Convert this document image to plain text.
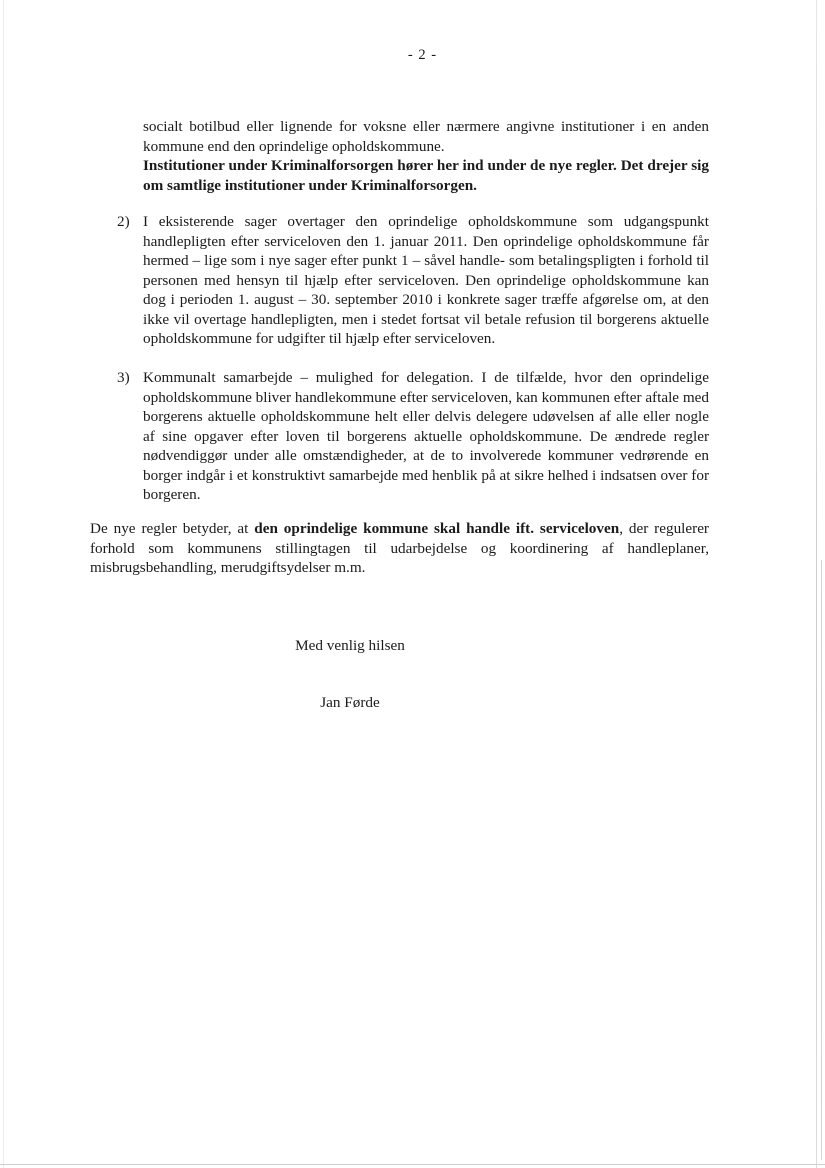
- 2 -

socialt botilbud eller lignende for voksne eller nærmere angivne institutioner i en anden kommune end den oprindelige opholdskommune.
Institutioner under Kriminalforsorgen hører her ind under de nye regler. Det drejer sig om samtlige institutioner under Kriminalforsorgen.

2) I eksisterende sager overtager den oprindelige opholdskommune som udgangspunkt handlepligten efter serviceloven den 1. januar 2011. Den oprindelige opholdskommune får hermed – lige som i nye sager efter punkt 1 – såvel handle- som betalingspligten i forhold til personen med hensyn til hjælp efter serviceloven. Den oprindelige opholdskommune kan dog i perioden 1. august – 30. september 2010 i konkrete sager træffe afgørelse om, at den ikke vil overtage handlepligten, men i stedet fortsat vil betale refusion til borgerens aktuelle opholdskommune for udgifter til hjælp efter serviceloven.

3) Kommunalt samarbejde – mulighed for delegation. I de tilfælde, hvor den oprindelige opholdskommune bliver handlekommune efter serviceloven, kan kommunen efter aftale med borgerens aktuelle opholdskommune helt eller delvis delegere udøvelsen af alle eller nogle af sine opgaver efter loven til borgerens aktuelle opholdskommune. De ændrede regler nødvendiggør under alle omstændigheder, at de to involverede kommuner vedrørende en borger indgår i et konstruktivt samarbejde med henblik på at sikre helhed i indsatsen over for borgeren.

De nye regler betyder, at den oprindelige kommune skal handle ift. serviceloven, der regulerer forhold som kommunens stillingtagen til udarbejdelse og koordinering af handleplaner, misbrugsbehandling, merudgiftsydelser m.m.

Med venlig hilsen
Jan Førde
